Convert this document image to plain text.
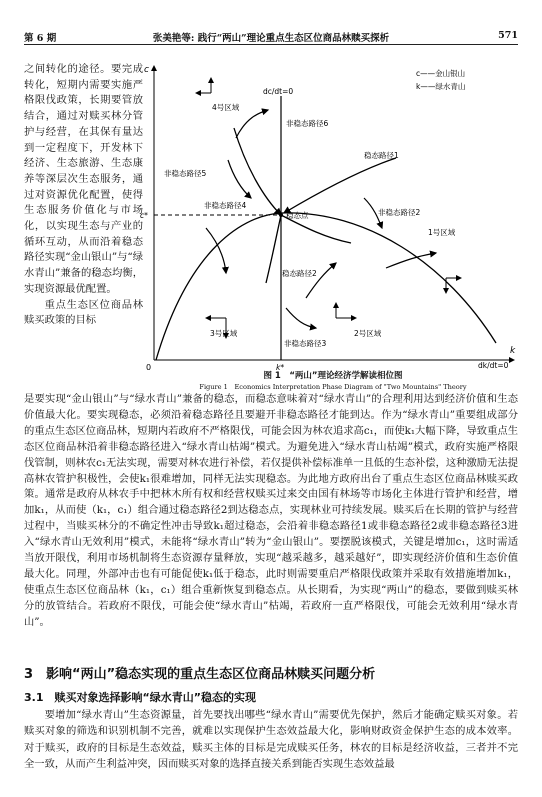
第 6 期	张美艳等: 践行“两山”理论重点生态区位商品林赎买探析	571

之间转化的途径。要完成转化，短期内需要实施严格限伐政策，长期要管放结合，通过对赎买林分管护与经营，在其保有量达到一定程度下，开发林下经济、生态旅游、生态康养等深层次生态服务，通过对资源优化配置，使得生态服务价值化与市场化，以实现生态与产业的循环互动，从而沿着稳态路径实现“金山银山”与“绿水青山”兼备的稳态均衡，实现资源最优配置。

重点生态区位商品林赎买政策的目标

c
k
0
dc/dt=0
c*
dk/dt=0
c——金山银山
k——绿水青山
4号区域
1号区域
3号区域	2号区域
非稳态路径6
非稳态路径5
非稳态路径4
稳态路径1
稳态点	非稳态路径2
稳态路径2
非稳态路径3
k*
图 1　“两山”理论经济学解读相位图
Figure 1　Economics Interpretation Phase Diagram of "Two Mountains" Theory

是要实现“金山银山”与“绿水青山”兼备的稳态，而稳态意味着对“绿水青山”的合理利用达到经济价值和生态价值最大化。要实现稳态，必须沿着稳态路径且要避开非稳态路径才能到达。作为“绿水青山”重要组成部分的重点生态区位商品林，短期内若政府不严格限伐，可能会因为林农追求高c₁，而使k₁大幅下降，导致重点生态区位商品林沿着非稳态路径进入“绿水青山枯竭”模式。为避免进入“绿水青山枯竭”模式，政府实施严格限伐管制，则林农c₁无法实现，需要对林农进行补偿，若仅提供补偿标准单一且低的生态补偿，这种激励无法提高林农管护积极性，会使k₁很难增加，同样无法实现稳态。为此地方政府出台了重点生态区位商品林赎买政策。通常是政府从林农手中把林木所有权和经营权赎买过来交由国有林场等市场化主体进行管护和经营，增加k₁，从而使（k₁，c₁）组合通过稳态路径2到达稳态点，实现林业可持续发展。赎买后在长期的管护与经营过程中，当赎买林分的不确定性冲击导致k₁超过稳态，会沿着非稳态路径1或非稳态路径2或非稳态路径3进入“绿水青山无效利用”模式，未能将“绿水青山”转为“金山银山”。要摆脱该模式，关键是增加c₁，这时需适当放开限伐，利用市场机制将生态资源存量释放，实现“越采越多，越采越好”，即实现经济价值和生态价值最大化。同理，外部冲击也有可能促使k₁低于稳态，此时则需要重启严格限伐政策并采取有效措施增加k₁，使重点生态区位商品林（k₁，c₁）组合重新恢复到稳态点。从长期看，为实现“两山”的稳态，要做到赎买林分的放管结合。若政府不限伐，可能会使“绿水青山”枯竭，若政府一直严格限伐，可能会无效利用“绿水青山”。

3　影响“两山”稳态实现的重点生态区位商品林赎买问题分析
3.1　赎买对象选择影响“绿水青山”稳态的实现

要增加“绿水青山”生态资源量，首先要找出哪些“绿水青山”需要优先保护，然后才能确定赎买对象。若赎买对象的筛选和识别机制不完善，就难以实现保护生态效益最大化，影响财政资金保护生态的成本效率。对于赎买，政府的目标是生态效益，赎买主体的目标是完成赎买任务，林农的目标是经济收益，三者并不完全一致，从而产生利益冲突，因而赎买对象的选择直接关系到能否实现生态效益最
